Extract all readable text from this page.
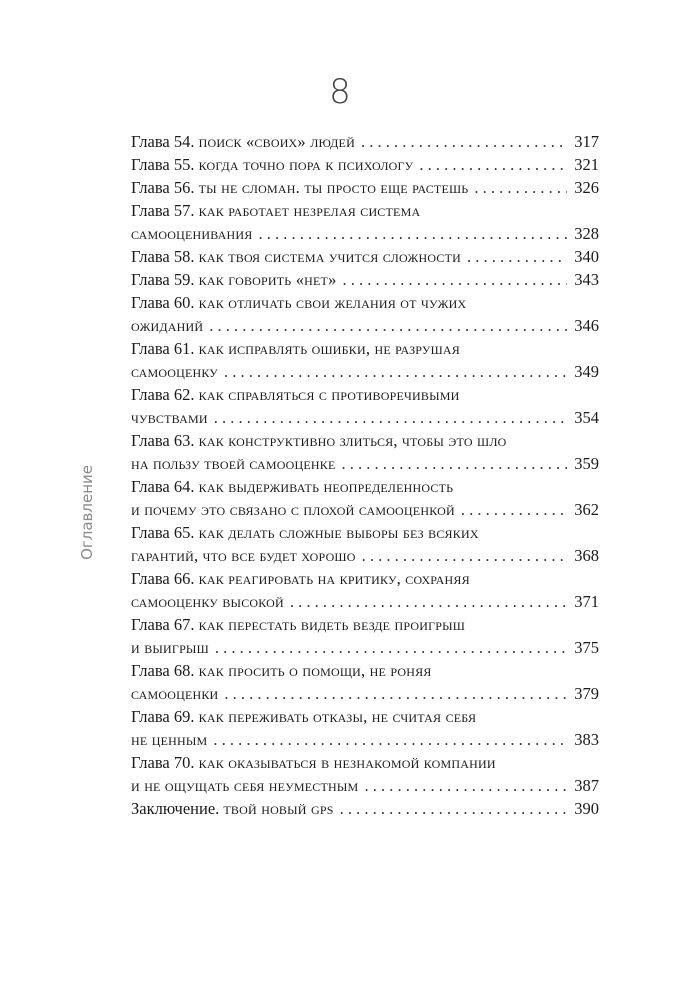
8
Оглавление
Глава 54. поиск «своих» людей . . .	317
Глава 55. когда точно пора к психологу . . .	321
Глава 56. ты не сломан. ты просто еще растешь . . .	326
Глава 57. как работает незрелая система
самооценивания . . .	328
Глава 58. как твоя система учится сложности . . .	340
Глава 59. как говорить «нет» . . .	343
Глава 60. как отличать свои желания от чужих
ожиданий . . .	346
Глава 61. как исправлять ошибки, не разрушая
самооценку . . .	349
Глава 62. как справляться с противоречивыми
чувствами . . .	354
Глава 63. как конструктивно злиться, чтобы это шло
на пользу твоей самооценке . . .	359
Глава 64. как выдерживать неопределенность
и почему это связано с плохой самооценкой . . .	362
Глава 65. как делать сложные выборы без всяких
гарантий, что все будет хорошо . . .	368
Глава 66. как реагировать на критику, сохраняя
самооценку высокой . . .	371
Глава 67. как перестать видеть везде проигрыш
и выигрыш . . .	375
Глава 68. как просить о помощи, не роняя
самооценки . . .	379
Глава 69. как переживать отказы, не считая себя
не ценным . . .	383
Глава 70. как оказываться в незнакомой компании
и не ощущать себя неуместным . . .	387
Заключение. твой новый gps . . .	390
